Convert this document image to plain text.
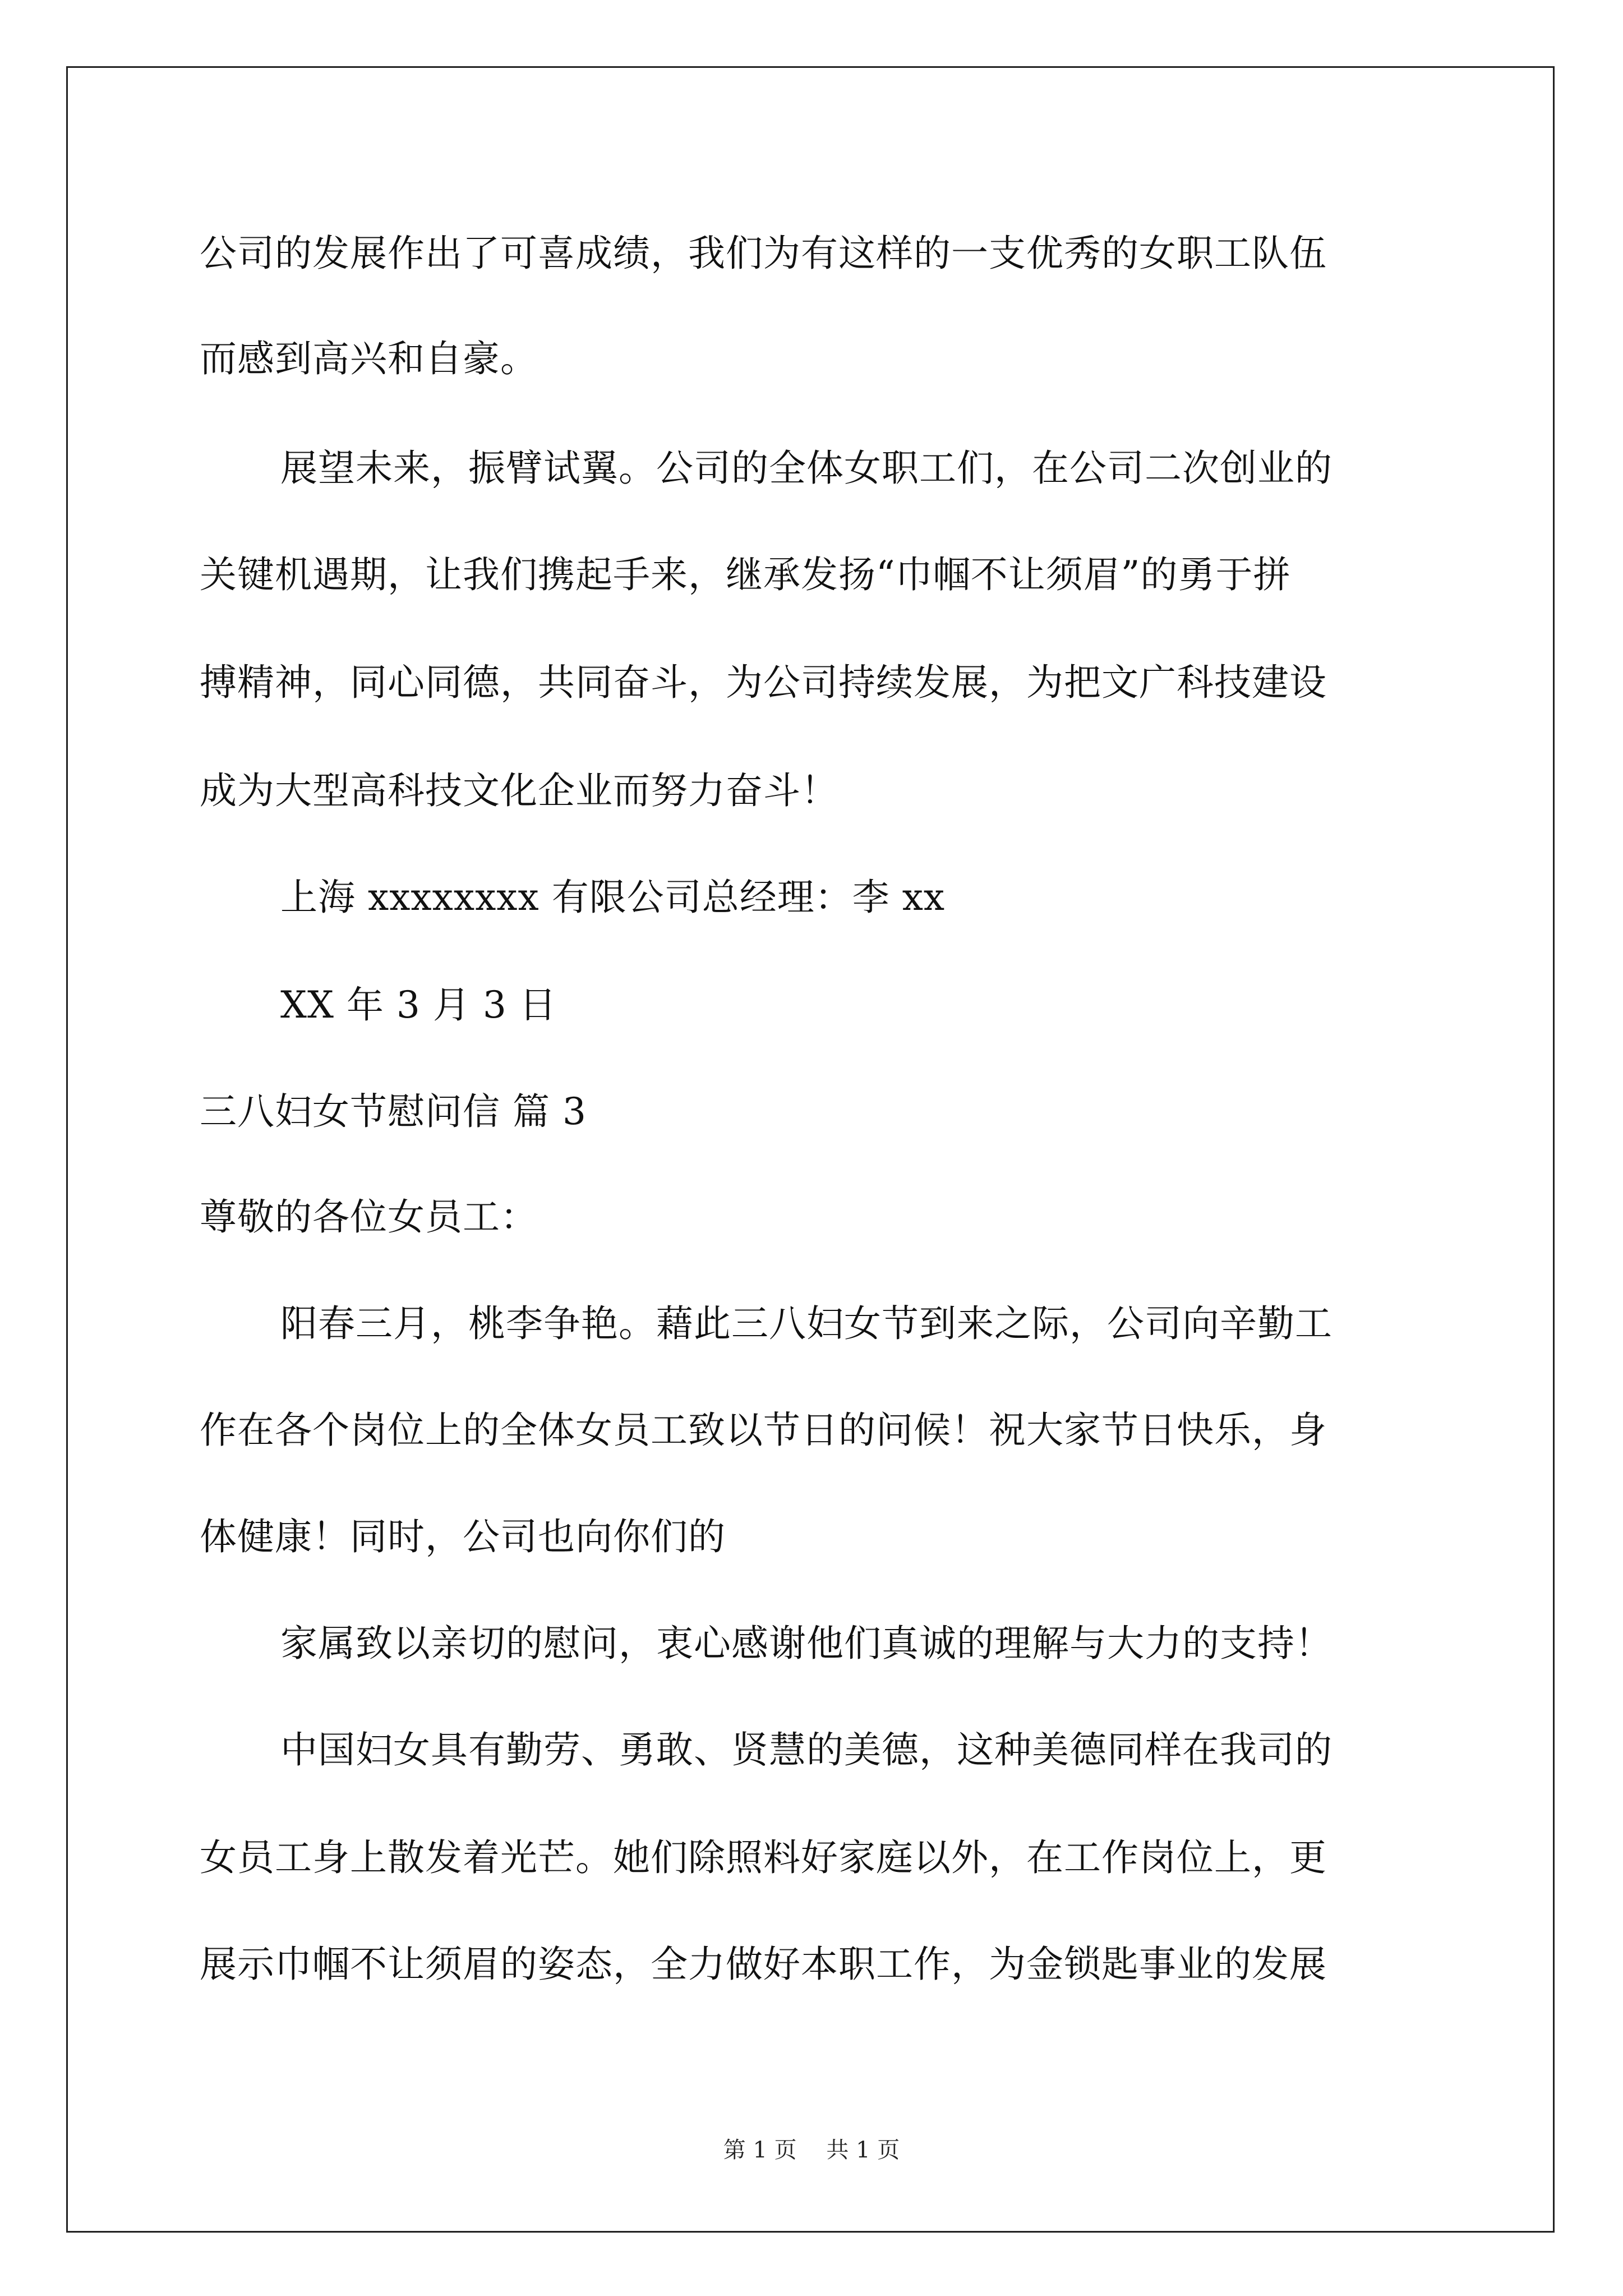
公司的发展作出了可喜成绩，我们为有这样的一支优秀的女职工队伍
而感到高兴和自豪。
展望未来，振臂试翼。公司的全体女职工们，在公司二次创业的
关键机遇期，让我们携起手来，继承发扬“巾帼不让须眉”的勇于拼
搏精神，同心同德，共同奋斗，为公司持续发展，为把文广科技建设
成为大型高科技文化企业而努力奋斗！
上海 xxxxxxxx 有限公司总经理：李 xx
XX 年 3 月 3 日
三八妇女节慰问信 篇 3
尊敬的各位女员工：
阳春三月，桃李争艳。藉此三八妇女节到来之际，公司向辛勤工
作在各个岗位上的全体女员工致以节日的问候！祝大家节日快乐，身
体健康！同时，公司也向你们的
家属致以亲切的慰问，衷心感谢他们真诚的理解与大力的支持！
中国妇女具有勤劳、勇敢、贤慧的美德，这种美德同样在我司的
女员工身上散发着光芒。她们除照料好家庭以外，在工作岗位上，更
展示巾帼不让须眉的姿态，全力做好本职工作，为金锁匙事业的发展
第 1 页 共 1 页
